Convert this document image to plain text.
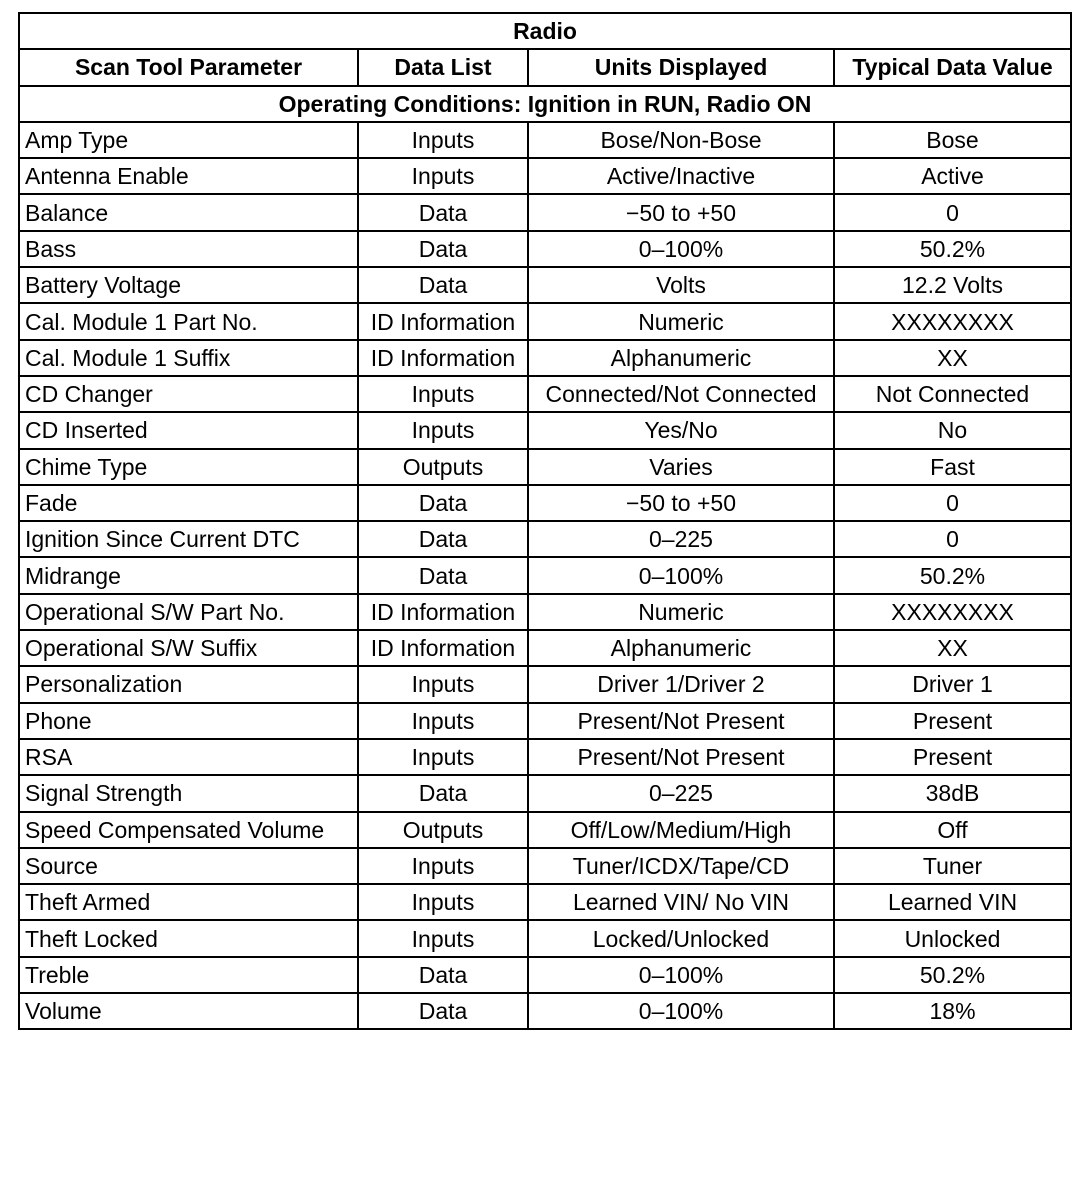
Radio			
Scan Tool Parameter	Data List	Units Displayed	Typical Data Value
Operating Conditions: Ignition in RUN, Radio ON			
Amp Type	Inputs	Bose/Non-Bose	Bose
Antenna Enable	Inputs	Active/Inactive	Active
Balance	Data	−50 to +50	0
Bass	Data	0–100%	50.2%
Battery Voltage	Data	Volts	12.2 Volts
Cal. Module 1 Part No.	ID Information	Numeric	XXXXXXXX
Cal. Module 1 Suffix	ID Information	Alphanumeric	XX
CD Changer	Inputs	Connected/Not Connected	Not Connected
CD Inserted	Inputs	Yes/No	No
Chime Type	Outputs	Varies	Fast
Fade	Data	−50 to +50	0
Ignition Since Current DTC	Data	0–225	0
Midrange	Data	0–100%	50.2%
Operational S/W Part No.	ID Information	Numeric	XXXXXXXX
Operational S/W Suffix	ID Information	Alphanumeric	XX
Personalization	Inputs	Driver 1/Driver 2	Driver 1
Phone	Inputs	Present/Not Present	Present
RSA	Inputs	Present/Not Present	Present
Signal Strength	Data	0–225	38dB
Speed Compensated Volume	Outputs	Off/Low/Medium/High	Off
Source	Inputs	Tuner/ICDX/Tape/CD	Tuner
Theft Armed	Inputs	Learned VIN/ No VIN	Learned VIN
Theft Locked	Inputs	Locked/Unlocked	Unlocked
Treble	Data	0–100%	50.2%
Volume	Data	0–100%	18%
